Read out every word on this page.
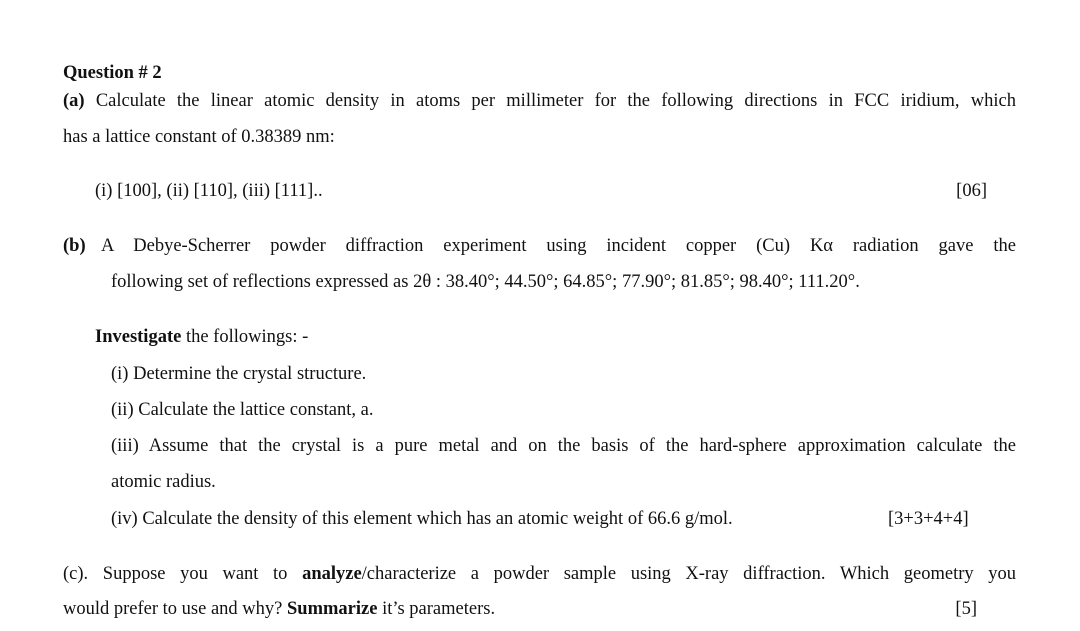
Question # 2
(a) Calculate the linear atomic density in atoms per millimeter for the following directions in FCC iridium, which
has a lattice constant of 0.38389 nm:
(i) [100], (ii) [110], (iii) [111]..	[06]
(b) A Debye-Scherrer powder diffraction experiment using incident copper (Cu) Kα radiation gave the
following set of reflections expressed as 2θ : 38.40°; 44.50°; 64.85°; 77.90°; 81.85°; 98.40°; 111.20°.
Investigate the followings: -
(i) Determine the crystal structure.
(ii) Calculate the lattice constant, a.
(iii) Assume that the crystal is a pure metal and on the basis of the hard-sphere approximation calculate the
atomic radius.
(iv) Calculate the density of this element which has an atomic weight of 66.6 g/mol.	[3+3+4+4]
(c). Suppose you want to analyze/characterize a powder sample using X-ray diffraction. Which geometry you
would prefer to use and why? Summarize it’s parameters.	[5]
